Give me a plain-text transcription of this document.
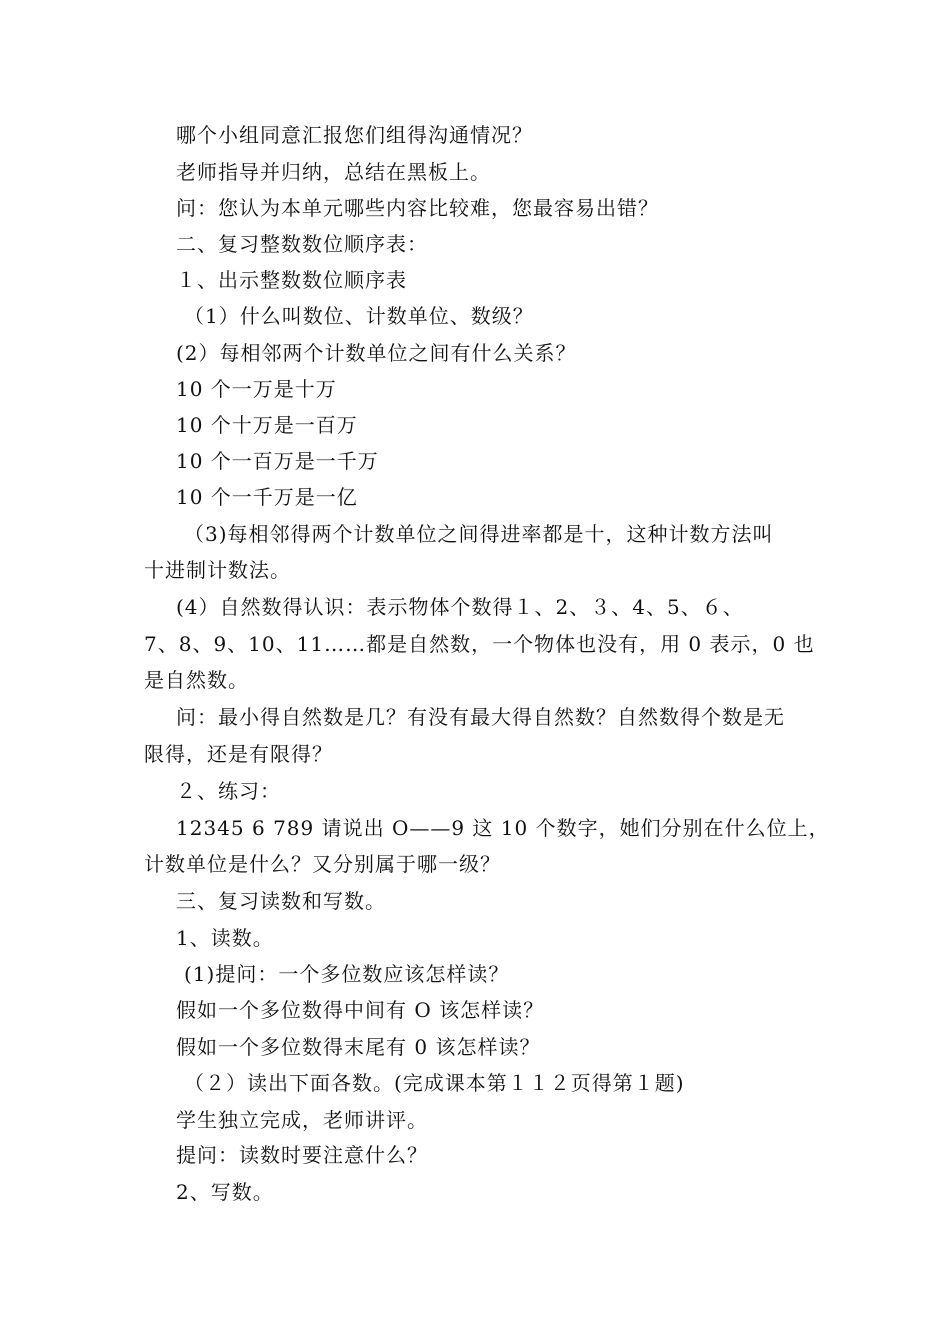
哪个小组同意汇报您们组得沟通情况？
老师指导并归纳，总结在黑板上。
问：您认为本单元哪些内容比较难，您最容易出错？
二、复习整数数位顺序表：
１、出示整数数位顺序表
（1）什么叫数位、计数单位、数级？
(2）每相邻两个计数单位之间有什么关系？
10 个一万是十万
10 个十万是一百万
10 个一百万是一千万
10 个一千万是一亿
（3)每相邻得两个计数单位之间得进率都是十，这种计数方法叫
十进制计数法。
(4）自然数得认识：表示物体个数得１、2、３、4、5、６、
7、8、9、10、11……都是自然数，一个物体也没有，用 0 表示，0 也
是自然数。
问：最小得自然数是几？有没有最大得自然数？自然数得个数是无
限得，还是有限得？
２、练习：
12345 6 789 请说出 O——9 这 10 个数字，她们分别在什么位上，
计数单位是什么？又分别属于哪一级？
三、复习读数和写数。
1、读数。
(1)提问：一个多位数应该怎样读？
假如一个多位数得中间有 O 该怎样读？
假如一个多位数得末尾有 0 该怎样读？
（２）读出下面各数。(完成课本第１１２页得第１题)
学生独立完成，老师讲评。
提问：读数时要注意什么？
2、写数。
